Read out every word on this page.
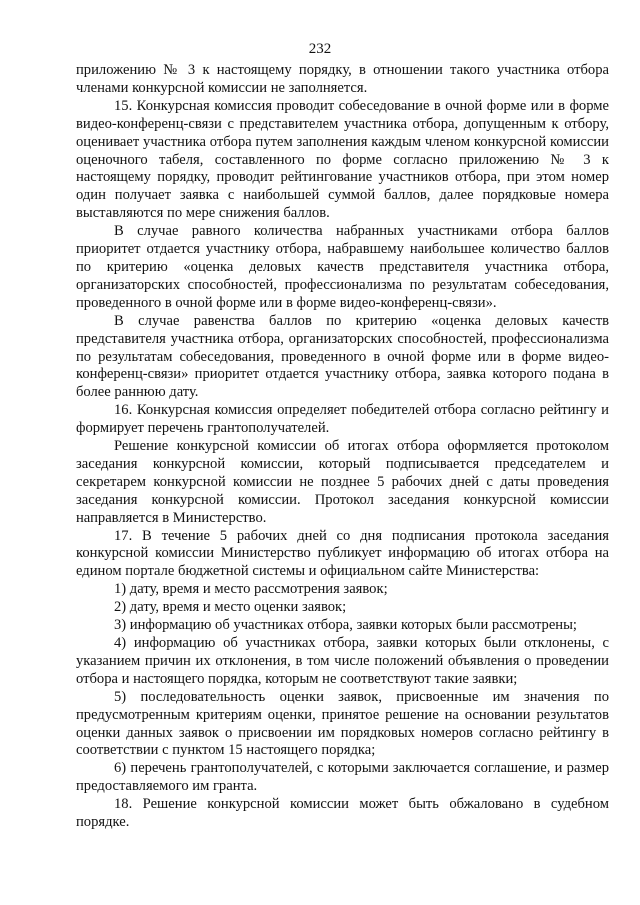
232

приложению № 3 к настоящему порядку, в отношении такого участника отбора членами конкурсной комиссии не заполняется.

15. Конкурсная комиссия проводит собеседование в очной форме или в форме видео-конференц-связи с представителем участника отбора, допущенным к отбору, оценивает участника отбора путем заполнения каждым членом конкурсной комиссии оценочного табеля, составленного по форме согласно приложению № 3 к настоящему порядку, проводит рейтингование участников отбора, при этом номер один получает заявка с наибольшей суммой баллов, далее порядковые номера выставляются по мере снижения баллов.

В случае равного количества набранных участниками отбора баллов приоритет отдается участнику отбора, набравшему наибольшее количество баллов по критерию «оценка деловых качеств представителя участника отбора, организаторских способностей, профессионализма по результатам собеседования, проведенного в очной форме или в форме видео-конференц-связи».

В случае равенства баллов по критерию «оценка деловых качеств представителя участника отбора, организаторских способностей, профессионализма по результатам собеседования, проведенного в очной форме или в форме видео-конференц-связи» приоритет отдается участнику отбора, заявка которого подана в более раннюю дату.

16. Конкурсная комиссия определяет победителей отбора согласно рейтингу и формирует перечень грантополучателей.

Решение конкурсной комиссии об итогах отбора оформляется протоколом заседания конкурсной комиссии, который подписывается председателем и секретарем конкурсной комиссии не позднее 5 рабочих дней с даты проведения заседания конкурсной комиссии. Протокол заседания конкурсной комиссии направляется в Министерство.

17. В течение 5 рабочих дней со дня подписания протокола заседания конкурсной комиссии Министерство публикует информацию об итогах отбора на едином портале бюджетной системы и официальном сайте Министерства:

1) дату, время и место рассмотрения заявок;

2) дату, время и место оценки заявок;

3) информацию об участниках отбора, заявки которых были рассмотрены;

4) информацию об участниках отбора, заявки которых были отклонены, с указанием причин их отклонения, в том числе положений объявления о проведении отбора и настоящего порядка, которым не соответствуют такие заявки;

5) последовательность оценки заявок, присвоенные им значения по предусмотренным критериям оценки, принятое решение на основании результатов оценки данных заявок о присвоении им порядковых номеров согласно рейтингу в соответствии с пунктом 15 настоящего порядка;

6) перечень грантополучателей, с которыми заключается соглашение, и размер предоставляемого им гранта.

18. Решение конкурсной комиссии может быть обжаловано в судебном порядке.
